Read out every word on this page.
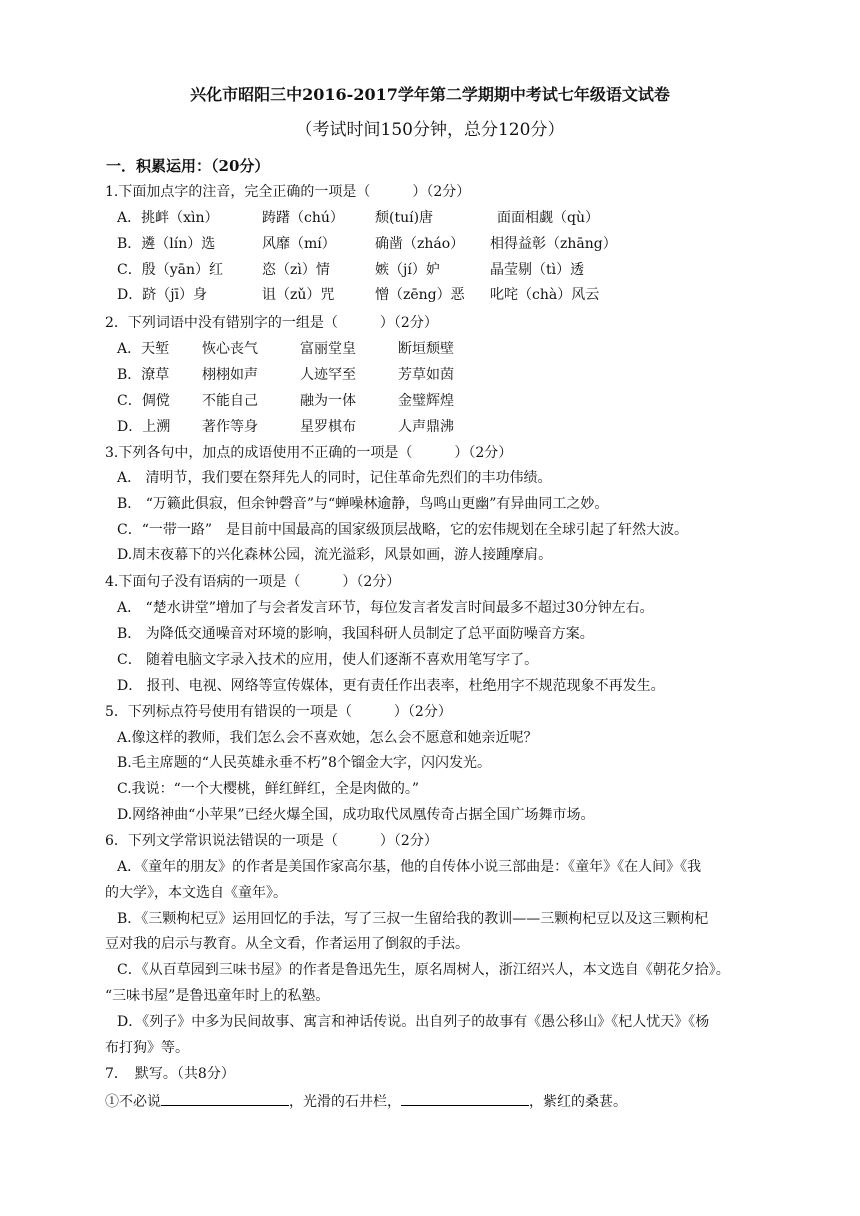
兴化市昭阳三中2016-2017学年第二学期期中考试七年级语文试卷
（考试时间150分钟，总分120分）
一．积累运用：（20分）
1.下面加点字的注音，完全正确的一项是（　　　）（2分）
A．挑衅（xìn）	踌躇（chú） 颓(tuí)唐	面面相觑（qù）
B．遴（lín）选	风靡（mí）	确凿（zháo） 相得益彰（zhāng）
C．殷（yān）红	恣（zì）情	嫉（jí）妒	晶莹剔（tì）透
D．跻（jī）身	诅（zǔ）咒	憎（zēng）恶 叱咤（chà）风云
2．下列词语中没有错别字的一组是（　　　）（2分）
A．天堑 恢心丧气	富丽堂皇	断垣颓壁
B．潦草 栩栩如声	人迹罕至	芳草如茵
C．倜傥 不能自己	融为一体	金璧辉煌
D．上溯 著作等身	星罗棋布	人声鼎沸
3.下列各句中，加点的成语使用不正确的一项是（　　　）（2分）
A． 清明节，我们要在祭拜先人的同时，记住革命先烈们的丰功伟绩。
B． “万籁此俱寂，但余钟磬音”与“蝉噪林逾静，鸟鸣山更幽”有异曲同工之妙。
C．“一带一路”　是目前中国最高的国家级顶层战略，它的宏伟规划在全球引起了轩然大波。
D.周末夜幕下的兴化森林公园，流光溢彩，风景如画，游人接踵摩肩。
4.下面句子没有语病的一项是（　　　）（2分）
A． “楚水讲堂”增加了与会者发言环节，每位发言者发言时间最多不超过30分钟左右。
B． 为降低交通噪音对环境的影响，我国科研人员制定了总平面防噪音方案。
C． 随着电脑文字录入技术的应用，使人们逐渐不喜欢用笔写字了。
D． 报刊、电视、网络等宣传媒体，更有责任作出表率，杜绝用字不规范现象不再发生。
5．下列标点符号使用有错误的一项是（　　　）（2分）
A.像这样的教师，我们怎么会不喜欢她，怎么会不愿意和她亲近呢？
B.毛主席题的“人民英雄永垂不朽”8个镏金大字，闪闪发光。
C.我说：“一个大樱桃，鲜红鲜红，全是肉做的。”
D.网络神曲“小苹果”已经火爆全国，成功取代凤凰传奇占据全国广场舞市场。
6．下列文学常识说法错误的一项是（　　　）（2分）
A．《童年的朋友》的作者是美国作家高尔基，他的自传体小说三部曲是：《童年》《在人间》《我
的大学》，本文选自《童年》。
B．《三颗枸杞豆》运用回忆的手法，写了三叔一生留给我的教训——三颗枸杞豆以及这三颗枸杞
豆对我的启示与教育。从全文看，作者运用了倒叙的手法。
C．《从百草园到三味书屋》的作者是鲁迅先生，原名周树人，浙江绍兴人，本文选自《朝花夕拾》。
“三味书屋”是鲁迅童年时上的私塾。
D．《列子》中多为民间故事、寓言和神话传说。出自列子的故事有《愚公移山》《杞人忧天》《杨
布打狗》等。
7．　默写。（共8分）
①不必说	，光滑的石井栏，	，紫红的桑葚。
